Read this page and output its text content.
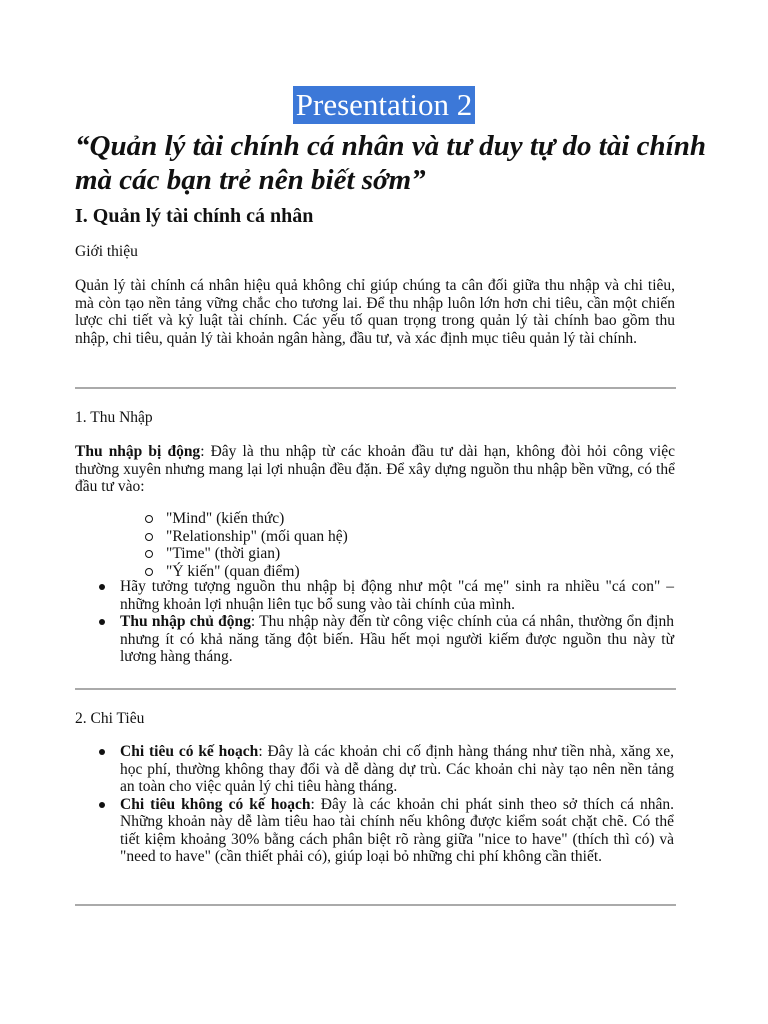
Presentation 2
“Quản lý tài chính cá nhân và tư duy tự do tài chính mà các bạn trẻ nên biết sớm”
I. Quản lý tài chính cá nhân
Giới thiệu
Quản lý tài chính cá nhân hiệu quả không chỉ giúp chúng ta cân đối giữa thu nhập và chi tiêu, mà còn tạo nền tảng vững chắc cho tương lai. Để thu nhập luôn lớn hơn chi tiêu, cần một chiến lược chi tiết và kỷ luật tài chính. Các yếu tố quan trọng trong quản lý tài chính bao gồm thu nhập, chi tiêu, quản lý tài khoản ngân hàng, đầu tư, và xác định mục tiêu quản lý tài chính.
1. Thu Nhập
Thu nhập bị động: Đây là thu nhập từ các khoản đầu tư dài hạn, không đòi hỏi công việc thường xuyên nhưng mang lại lợi nhuận đều đặn. Để xây dựng nguồn thu nhập bền vững, có thể đầu tư vào:
"Mind" (kiến thức)
"Relationship" (mối quan hệ)
"Time" (thời gian)
"Ý kiến" (quan điểm)
Hãy tưởng tượng nguồn thu nhập bị động như một "cá mẹ" sinh ra nhiều "cá con" – những khoản lợi nhuận liên tục bổ sung vào tài chính của mình.
Thu nhập chủ động: Thu nhập này đến từ công việc chính của cá nhân, thường ổn định nhưng ít có khả năng tăng đột biến. Hầu hết mọi người kiếm được nguồn thu này từ lương hàng tháng.
2. Chi Tiêu
Chi tiêu có kế hoạch: Đây là các khoản chi cố định hàng tháng như tiền nhà, xăng xe, học phí, thường không thay đổi và dễ dàng dự trù. Các khoản chi này tạo nên nền tảng an toàn cho việc quản lý chi tiêu hàng tháng.
Chi tiêu không có kế hoạch: Đây là các khoản chi phát sinh theo sở thích cá nhân. Những khoản này dễ làm tiêu hao tài chính nếu không được kiểm soát chặt chẽ. Có thể tiết kiệm khoảng 30% bằng cách phân biệt rõ ràng giữa "nice to have" (thích thì có) và "need to have" (cần thiết phải có), giúp loại bỏ những chi phí không cần thiết.
